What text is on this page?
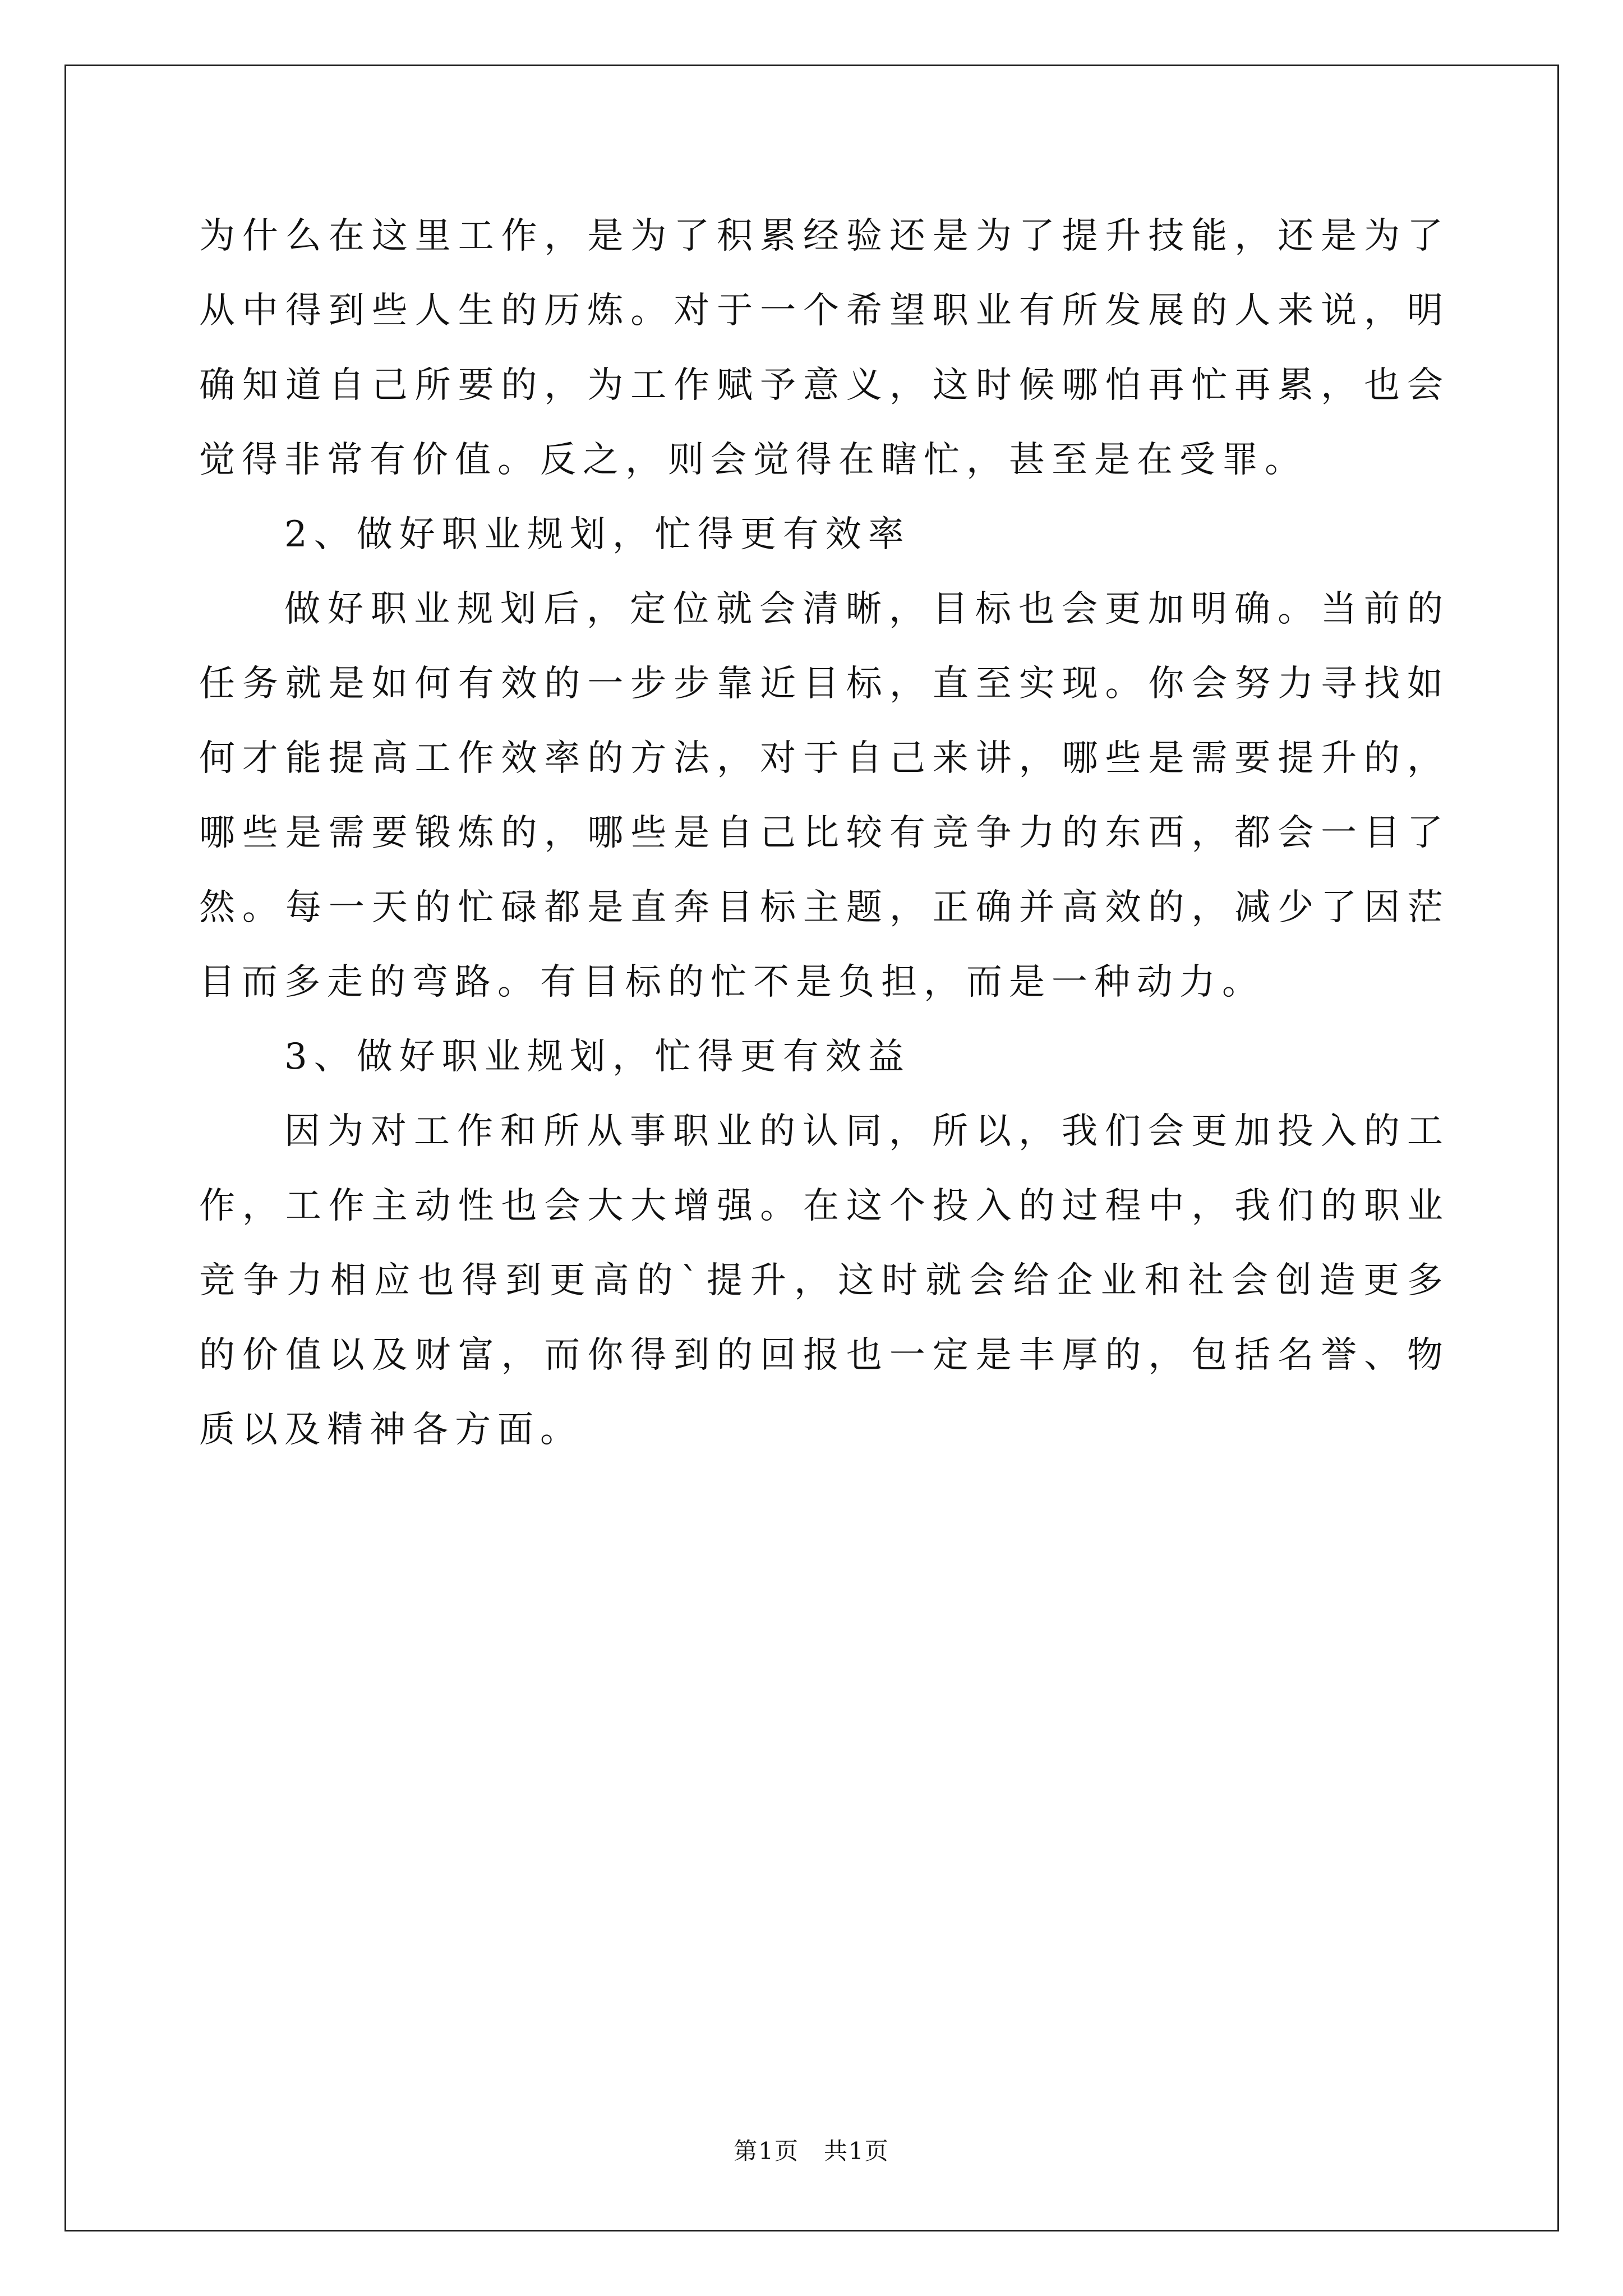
为什么在这里工作，是为了积累经验还是为了提升技能，还是为了从中得到些人生的历炼。对于一个希望职业有所发展的人来说，明确知道自己所要的，为工作赋予意义，这时候哪怕再忙再累，也会觉得非常有价值。反之，则会觉得在瞎忙，甚至是在受罪。

2、做好职业规划，忙得更有效率

做好职业规划后，定位就会清晰，目标也会更加明确。当前的任务就是如何有效的一步步靠近目标，直至实现。你会努力寻找如何才能提高工作效率的方法，对于自己来讲，哪些是需要提升的，哪些是需要锻炼的，哪些是自己比较有竞争力的东西，都会一目了然。每一天的忙碌都是直奔目标主题，正确并高效的，减少了因茫目而多走的弯路。有目标的忙不是负担，而是一种动力。

3、做好职业规划，忙得更有效益

因为对工作和所从事职业的认同，所以，我们会更加投入的工作，工作主动性也会大大增强。在这个投入的过程中，我们的职业竞争力相应也得到更高的`提升，这时就会给企业和社会创造更多的价值以及财富，而你得到的回报也一定是丰厚的，包括名誉、物质以及精神各方面。

第1页　共1页
